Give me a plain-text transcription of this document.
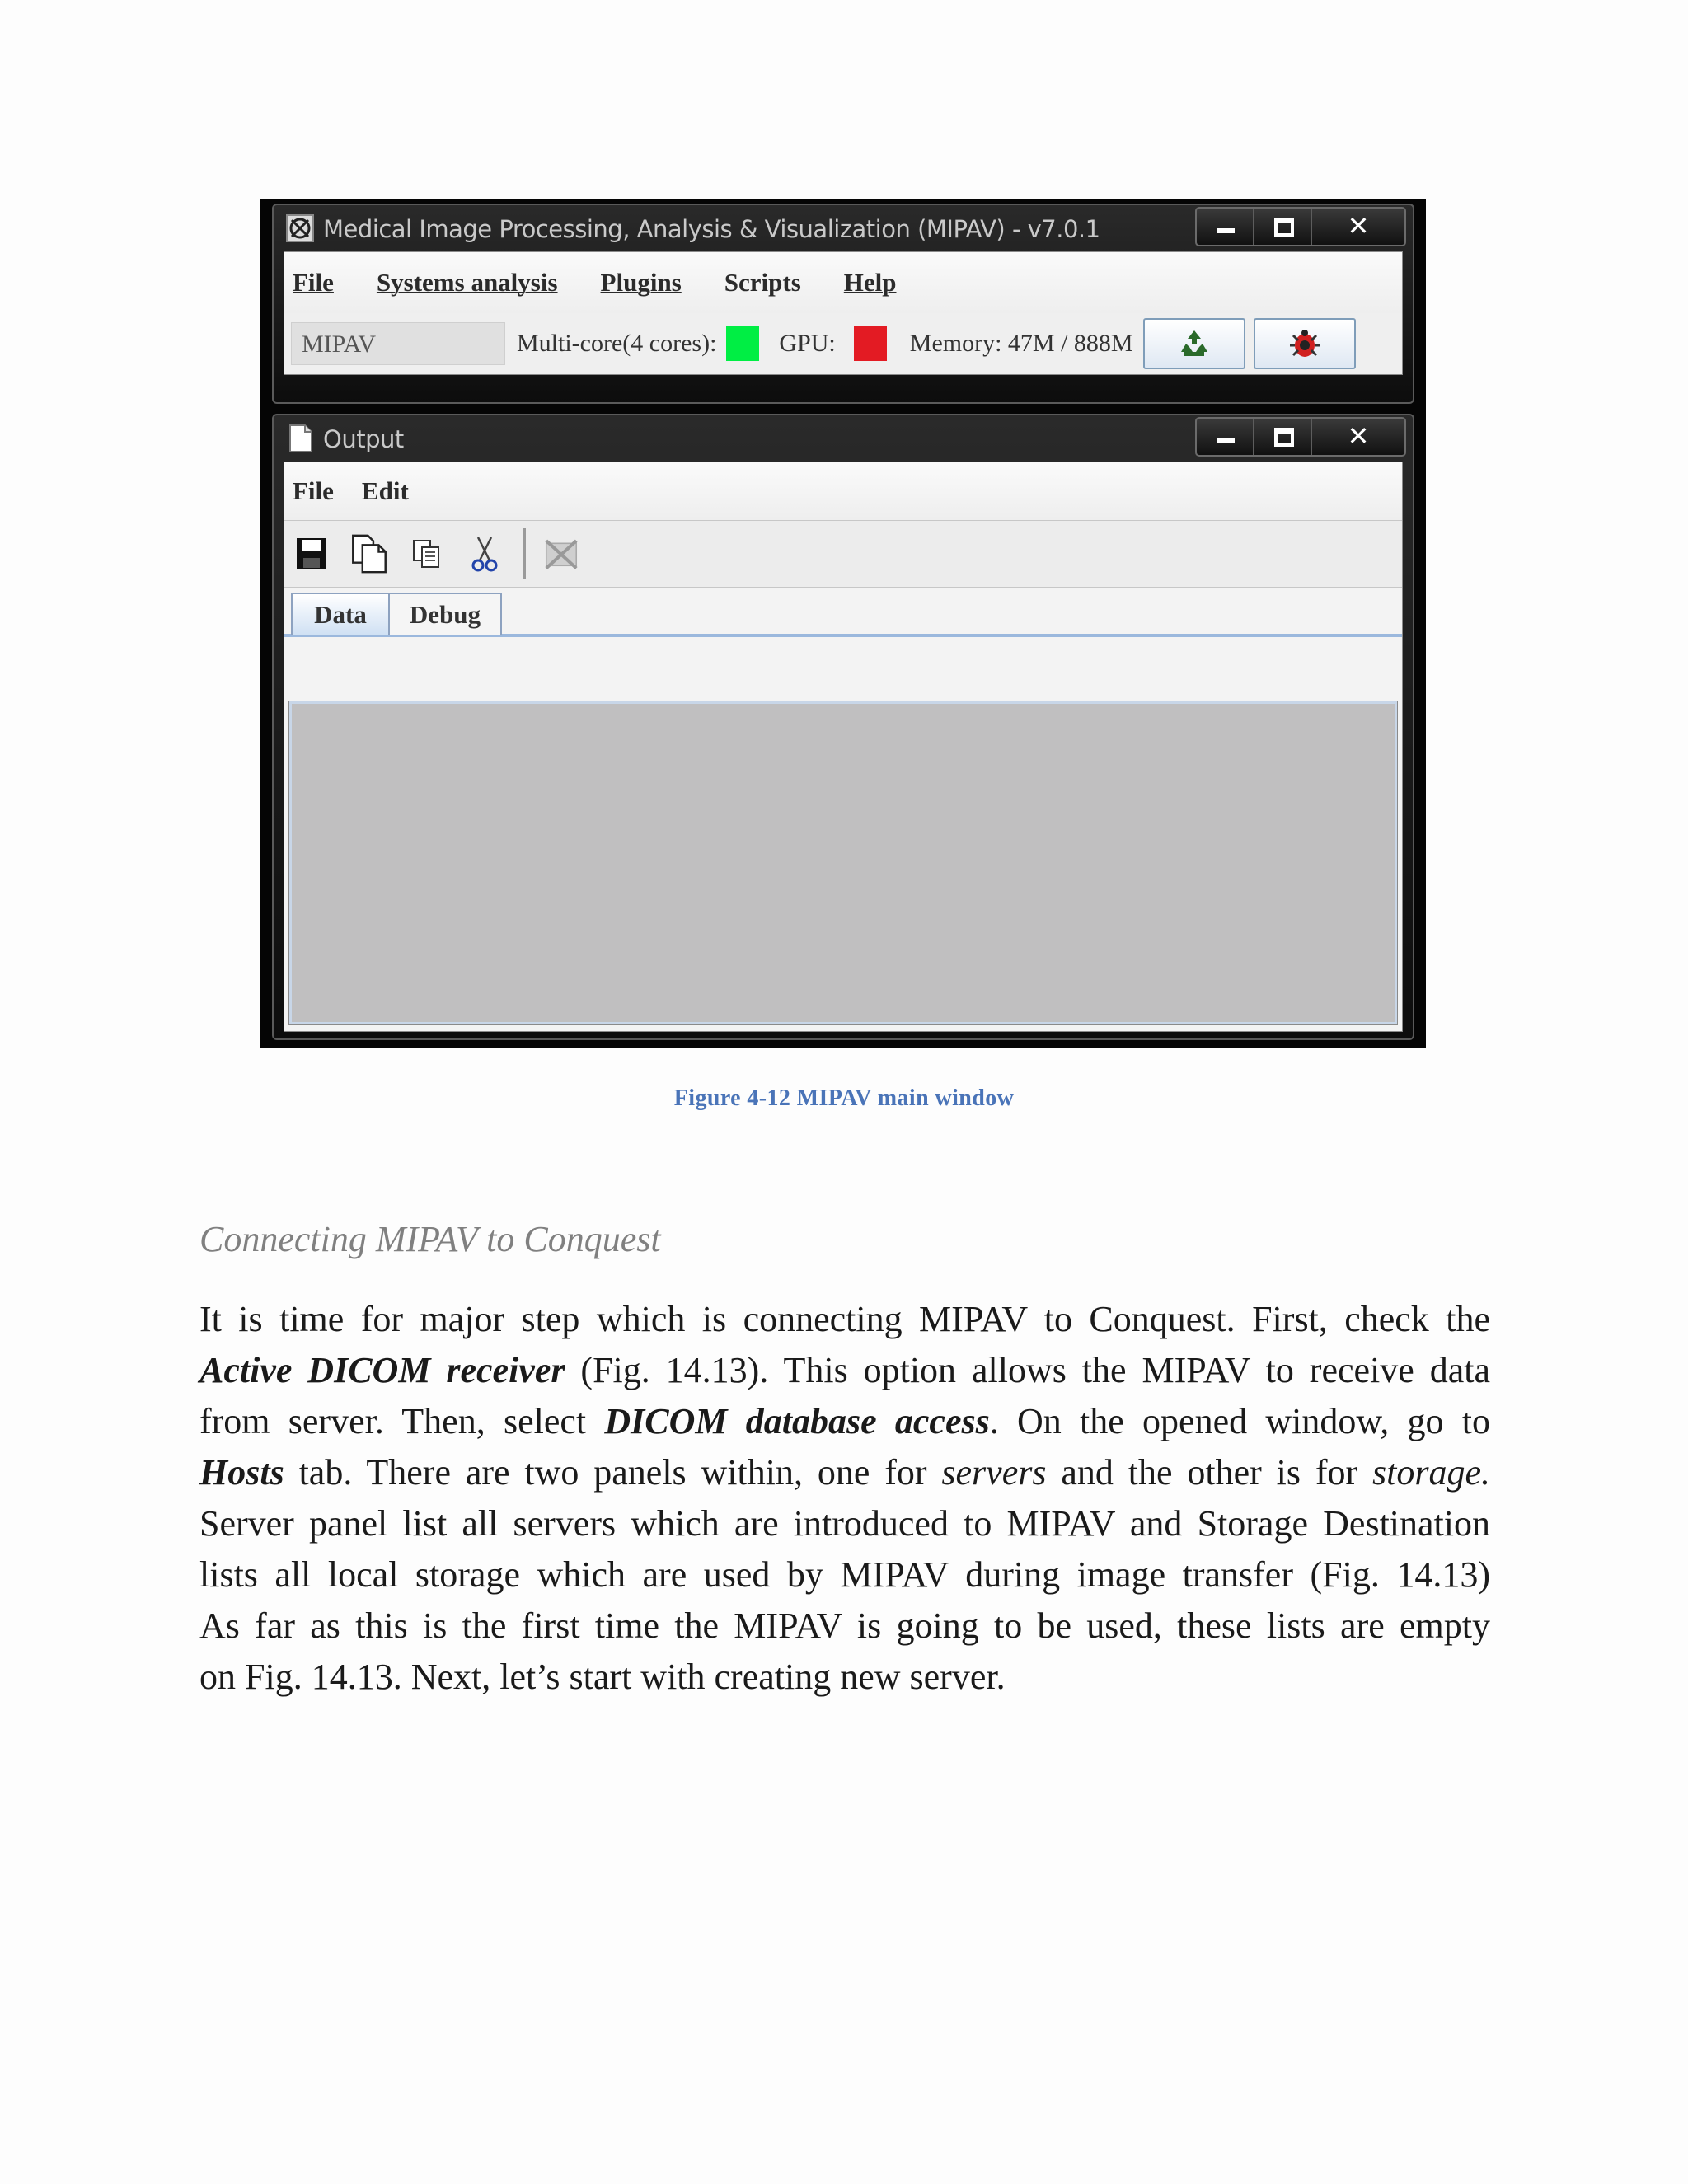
Medical Image Processing, Analysis & Visualization (MIPAV) - v7.0.1	✕
File Systems analysis Plugins Scripts Help
MIPAV	Multi-core(4 cores):	GPU:	Memory: 47M / 888M
Output	✕
File Edit
Data	Debug
Figure 4-12 MIPAV main window
Connecting MIPAV to Conquest
It is time for major step which is connecting MIPAV to Conquest. First, check the
Active DICOM receiver (Fig. 14.13). This option allows the MIPAV to receive data
from server. Then, select DICOM database access. On the opened window, go to
Hosts tab. There are two panels within, one for servers and the other is for storage.
Server panel list all servers which are introduced to MIPAV and Storage Destination
lists all local storage which are used by MIPAV during image transfer (Fig. 14.13)
As far as this is the first time the MIPAV is going to be used, these lists are empty
on Fig. 14.13. Next, let’s start with creating new server.
